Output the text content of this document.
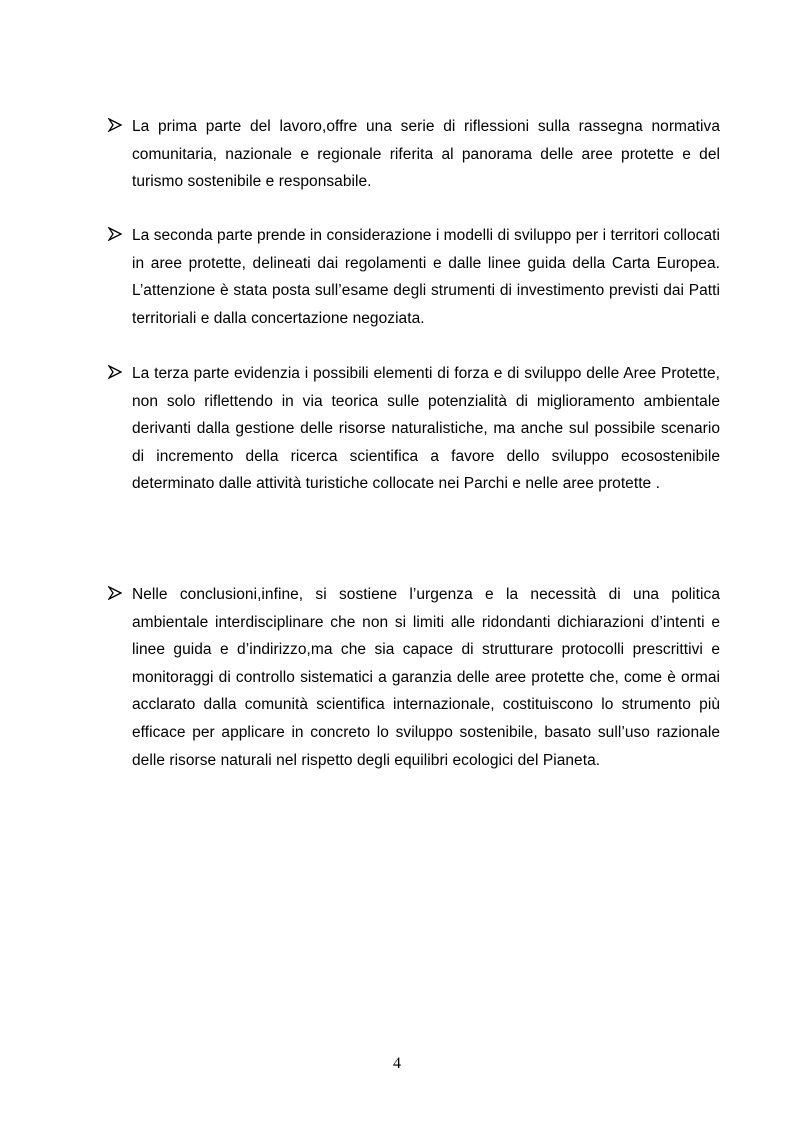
La prima parte del lavoro,offre una serie di riflessioni sulla rassegna normativa comunitaria, nazionale e regionale riferita al panorama delle aree protette e del turismo sostenibile e responsabile.
La seconda parte prende in considerazione i modelli di sviluppo per i territori collocati in aree protette, delineati dai regolamenti e dalle linee guida della Carta Europea. L’attenzione è stata posta sull’esame degli strumenti di investimento previsti dai Patti territoriali e dalla concertazione negoziata.
La terza parte evidenzia i possibili elementi di forza e di sviluppo delle Aree Protette, non solo riflettendo in via teorica sulle potenzialità di miglioramento ambientale derivanti dalla gestione delle risorse naturalistiche, ma anche sul possibile scenario di incremento della ricerca scientifica a favore dello sviluppo ecosostenibile determinato dalle attività turistiche collocate nei Parchi e nelle aree protette .
Nelle conclusioni,infine, si sostiene l’urgenza e la necessità di una politica ambientale interdisciplinare che non si limiti alle ridondanti dichiarazioni d’intenti e linee guida e d’indirizzo,ma che sia capace di strutturare protocolli prescrittivi e monitoraggi di controllo sistematici a garanzia delle aree protette che, come è ormai acclarato dalla comunità scientifica internazionale, costituiscono lo strumento più efficace per applicare in concreto lo sviluppo sostenibile, basato sull’uso razionale delle risorse naturali nel rispetto degli equilibri ecologici del Pianeta.
4
